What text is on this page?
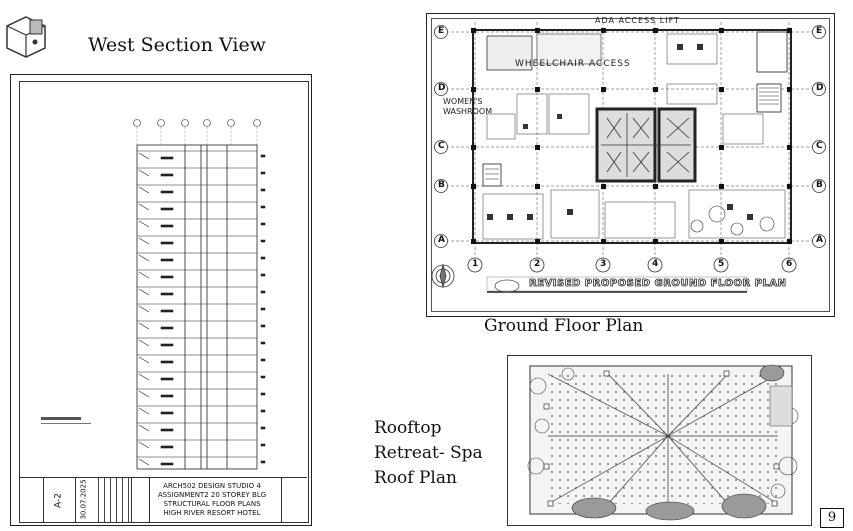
West Section View
A-2 30.07.2025	ARCH502 DESIGN STUDIO 4
ASSIGNMENT2 20 STOREY BLG
STRUCTURAL FLOOR PLANS
HIGH RIVER RESORT HOTEL
ADA ACCESS LIFT
WHEELCHAIR ACCESS
WOMEN'S
WASHROOM
E
D
C
B
A
E
D
C
B
A
1	2	3	4	5	6
REVISED PROPOSED GROUND FLOOR PLAN
Ground Floor Plan
Rooftop
Retreat- Spa
Roof Plan
9
